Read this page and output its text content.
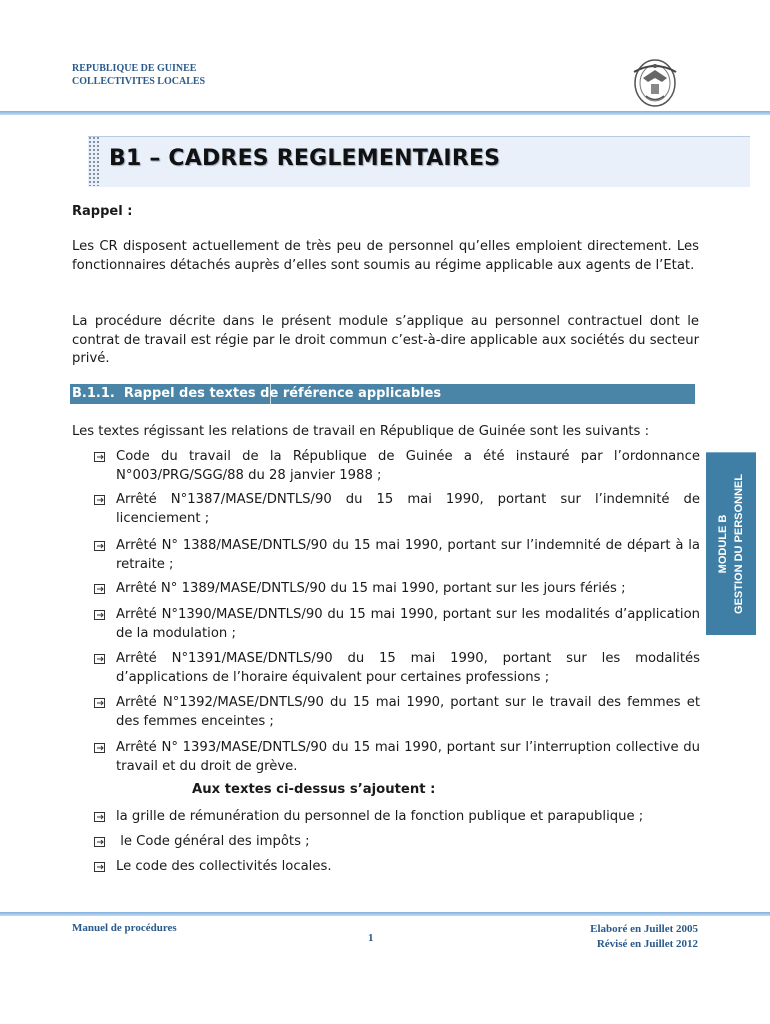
REPUBLIQUE DE GUINEE
COLLECTIVITES LOCALES
B1 – CADRES REGLEMENTAIRES
Rappel :

Les CR disposent actuellement de très peu de personnel qu’elles emploient directement. Les fonctionnaires détachés auprès d’elles sont soumis au régime applicable aux agents de l’Etat.

La procédure décrite dans le présent module s’applique au personnel contractuel dont le contrat de travail est régie par le droit commun c’est-à-dire applicable aux sociétés du secteur privé.

B.1.1.  Rappel des textes de référence applicables
Les textes régissant les relations de travail en République de Guinée sont les suivants :
Code du travail de la République de Guinée a été instauré par l’ordonnance N°003/PRG/SGG/88 du 28 janvier 1988 ;
Arrêté N°1387/MASE/DNTLS/90 du 15 mai 1990, portant sur l’indemnité de licenciement ;
Arrêté N° 1388/MASE/DNTLS/90 du 15 mai 1990, portant sur l’indemnité de départ à la retraite ;
Arrêté N° 1389/MASE/DNTLS/90 du 15 mai 1990, portant sur les jours fériés ;
Arrêté N°1390/MASE/DNTLS/90 du 15 mai 1990, portant sur les modalités d’application de la modulation ;
Arrêté N°1391/MASE/DNTLS/90 du 15 mai 1990, portant sur les modalités d’applications de l’horaire équivalent pour certaines professions ;
Arrêté N°1392/MASE/DNTLS/90 du 15 mai 1990, portant sur le travail des femmes et des femmes enceintes ;
Arrêté N° 1393/MASE/DNTLS/90 du 15 mai 1990, portant sur l’interruption collective du travail et du droit de grève.
Aux textes ci-dessus s’ajoutent :
la grille de rémunération du personnel de la fonction publique et parapublique ;
le Code général des impôts ;
Le code des collectivités locales.
MODULE B GESTION DU PERSONNEL
Manuel de procédures
1
Elaboré en Juillet 2005
Révisé en Juillet 2012
